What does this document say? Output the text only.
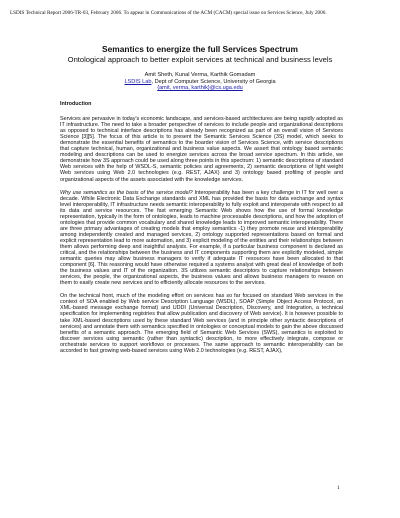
LSDIS Technical Report 2006-TR-03, February 2006. To appear in Communications of the ACM (CACM) special issue on Services Science, July 2006.
Semantics to energize the full Services Spectrum
Ontological approach to better exploit services at technical and business levels
Amit Sheth, Kunal Verma, Karthik Gomadam
LSDIS Lab, Dept of Computer Science, University of Georgia
{amit, verma, karthik}@cs.uga.edu
Introduction

Services are pervasive in today's economic landscape, and services-based architectures are being rapidly adopted as IT infrastructure. The need to take a broader perspective of services to include people and organizational descriptions as opposed to technical interface descriptions has already been recognized as part of an overall vision of Services Science [3][5]. The focus of this article is to present the Semantic Services Science (3S) model, which seeks to demonstrate the essential benefits of semantics to the boarder vision of Services Science, with service descriptions that capture technical, human, organizational and business value aspects. We assert that ontology based semantic modeling and descriptions can be used to energize services across the broad service spectrum. In this article, we demonstrate how 3S approach could be used along three points in this spectrum: 1) semantic descriptions of standard Web services with the help of WSDL-S, semantic policies and agreements, 2) semantic descriptions of light weight Web services using Web 2.0 technologies (e.g. REST, AJAX) and 3) ontology based profiling of people and organizational aspects of the assets associated with the knowledge services.

Why use semantics as the basis of the service model? Interoperability has been a key challenge in IT for well over a decade. While Electronic Data Exchange standards and XML has provided the basis for data exchange and syntax level interoperability, IT infrastructure needs semantic interoperability to fully exploit and interoperate with respect to all its data and service resources. The fast emerging Semantic Web shows how the use of formal knowledge representation, typically in the form of ontologies, leads to machine processable descriptions, and how the adoption of ontologies that provide common vocabulary and shared knowledge leads to improved semantic interoperability. There are three primary advantages of creating models that employ semantics -1) they promote reuse and interoperability among independently created and managed services, 2) ontology supported representations based on formal and explicit representation lead to more automation, and 3) explicit modeling of the entities and their relationships between them allows performing deep and insightful analysis. For example, if a particular business component is declared as critical, and the relationships between the business and IT components supporting them are explicitly modeled, simple semantic queries may allow business managers to verify if adequate IT resources have been allocated to that component [6]. This reasoning would have otherwise required a systems analyst with great deal of knowledge of both the business values and IT of the organization. 3S utilizes semantic descriptors to capture relationships between services, the people, the organizational aspects, the business values and allows business managers to reason on them to easily create new services and to efficiently allocate resources to the services.

On the technical front, much of the modeling effort on services has so far focused on standard Web services in the context of SOA enabled by Web service Description Language (WSDL), SOAP (Simple Object Access Protocol, an XML-based message exchange format) and UDDI (Universal Description, Discovery, and Integration, a technical specification for implementing registries that allow publication and discovery of Web service). It is however possible to take XML-based descriptions used by these standard Web services (and in principle other syntactic descriptions of services) and annotate them with semantics specified in ontologies or conceptual models to gain the above discussed benefits of a semantic approach. The emerging field of Semantic Web Services (SWS), semantics is exploited to discover services using semantic (rather than syntactic) description, to more effectively integrate, compose or orchestrate services to support workflows or processes. The same approach to semantic interoperability can be accorded to fast growing web-based services using Web 2.0 technologies (e.g. REST, AJAX),

1
